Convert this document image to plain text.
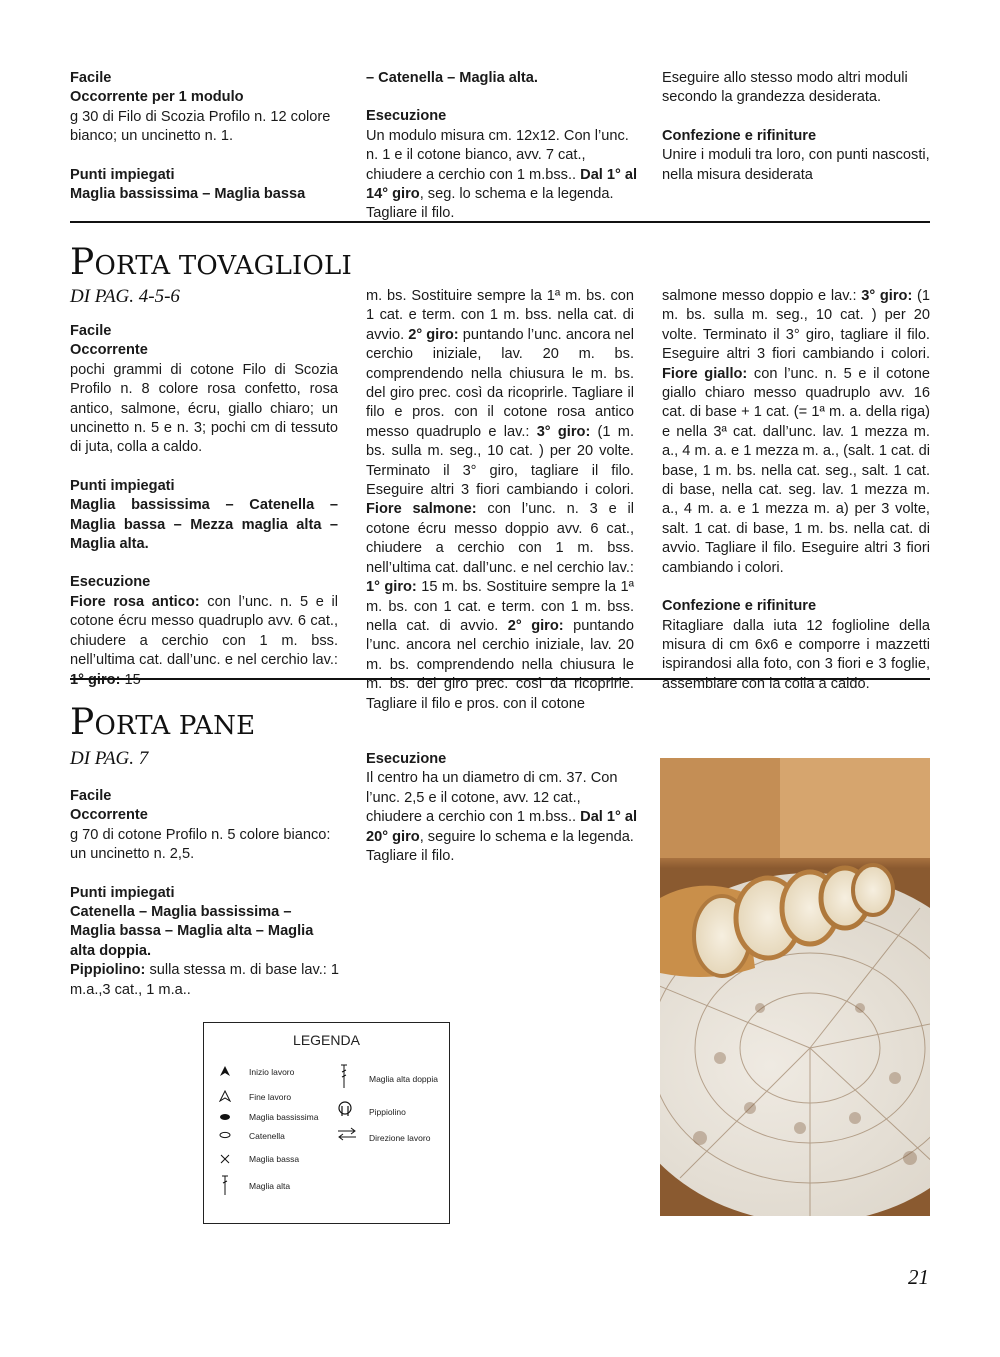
Facile

Occorrente per 1 modulo

g 30 di Filo di Scozia Profilo n. 12 colore bianco; un uncinetto n. 1.

Punti impiegati

Maglia bassissima – Maglia bassa

– Catenella – Maglia alta.

Esecuzione

Un modulo misura cm. 12x12. Con l’unc. n. 1 e il cotone bianco, avv. 7 cat., chiudere a cerchio con 1 m.bss.. Dal 1° al 14° giro, seg. lo schema e la legenda. Tagliare il filo.

Eseguire allo stesso modo altri moduli secondo la grandezza desiderata.

Confezione e rifiniture

Unire i moduli tra loro, con punti nascosti, nella misura desiderata

PORTA TOVAGLIOLI
DI PAG. 4-5-6

Facile

Occorrente

pochi grammi di cotone Filo di Scozia Profilo n. 8 colore rosa confetto, rosa antico, salmone, écru, giallo chiaro; un uncinetto n. 5 e n. 3; pochi cm di tessuto di juta, colla a caldo.

Punti impiegati

Maglia bassissima – Catenella – Maglia bassa – Mezza maglia alta – Maglia alta.

Esecuzione

Fiore rosa antico: con l’unc. n. 5 e il cotone écru messo quadruplo avv. 6 cat., chiudere a cerchio con 1 m. bss. nell’ultima cat. dall’unc. e nel cerchio lav.: 1° giro: 15

m. bs. Sostituire sempre la 1ª m. bs. con 1 cat. e term. con 1 m. bss. nella cat. di avvio. 2° giro: puntando l’unc. ancora nel cerchio iniziale, lav. 20 m. bs. comprendendo nella chiusura le m. bs. del giro prec. così da ricoprirle. Tagliare il filo e pros. con il cotone rosa antico messo quadruplo e lav.: 3° giro: (1 m. bs. sulla m. seg., 10 cat. ) per 20 volte. Terminato il 3° giro, tagliare il filo. Eseguire altri 3 fiori cambiando i colori. Fiore salmone: con l’unc. n. 3 e il cotone écru messo doppio avv. 6 cat., chiudere a cerchio con 1 m. bss. nell’ultima cat. dall’unc. e nel cerchio lav.: 1° giro: 15 m. bs. Sostituire sempre la 1ª m. bs. con 1 cat. e term. con 1 m. bss. nella cat. di avvio. 2° giro: puntando l’unc. ancora nel cerchio iniziale, lav. 20 m. bs. comprendendo nella chiusura le m. bs. del giro prec. così da ricoprirle. Tagliare il filo e pros. con il cotone

salmone messo doppio e lav.: 3° giro: (1 m. bs. sulla m. seg., 10 cat. ) per 20 volte. Terminato il 3° giro, tagliare il filo. Eseguire altri 3 fiori cambiando i colori. Fiore giallo: con l’unc. n. 5 e il cotone giallo chiaro messo quadruplo avv. 16 cat. di base + 1 cat. (= 1ª m. a. della riga) e nella 3ª cat. dall’unc. lav. 1 mezza m. a., 4 m. a. e 1 mezza m. a., (salt. 1 cat. di base, 1 m. bs. nella cat. seg., salt. 1 cat. di base, nella cat. seg. lav. 1 mezza m. a., 4 m. a. e 1 mezza m. a) per 3 volte, salt. 1 cat. di base, 1 m. bs. nella cat. di avvio. Tagliare il filo. Eseguire altri 3 fiori cambiando i colori.

Confezione e rifiniture

Ritagliare dalla iuta 12 foglioline della misura di cm 6x6 e comporre i mazzetti ispirandosi alla foto, con 3 fiori e 3 foglie, assemblare con la colla a caldo.

PORTA PANE
DI PAG. 7

Facile

Occorrente

g 70 di cotone Profilo n. 5 colore bianco: un uncinetto n. 2,5.

Punti impiegati

Catenella – Maglia bassissima – Maglia bassa – Maglia alta – Maglia alta doppia.

Pippiolino: sulla stessa m. di base lav.: 1 m.a.,3 cat., 1 m.a..

Esecuzione

Il centro ha un diametro di cm. 37. Con l’unc. 2,5 e il cotone, avv. 12 cat., chiudere a cerchio con 1 m.bss.. Dal 1° al 20° giro, seguire lo schema e la legenda. Tagliare il filo.

LEGENDA
Inizio lavoro
Fine lavoro
Maglia bassissima
Catenella
Maglia bassa
Maglia alta
Maglia alta doppia
Pippiolino
Direzione lavoro
21
